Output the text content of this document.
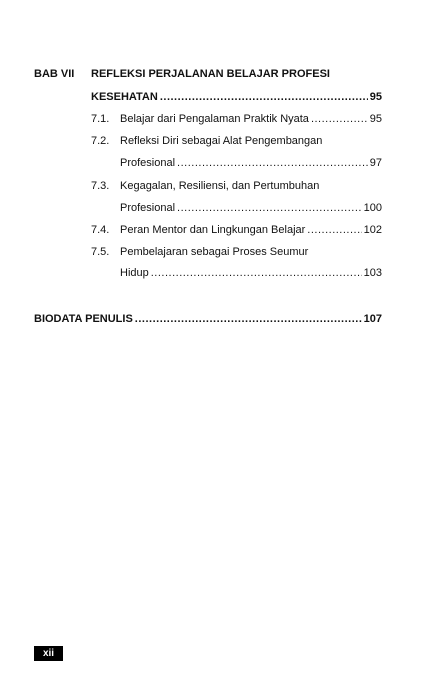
BAB VII REFLEKSI PERJALANAN BELAJAR PROFESI
KESEHATAN .....	95
7.1. Belajar dari Pengalaman Praktik Nyata .....	95
7.2. Refleksi Diri sebagai Alat Pengembangan
Profesional .....	97
7.3. Kegagalan, Resiliensi, dan Pertumbuhan
Profesional .....	100
7.4. Peran Mentor dan Lingkungan Belajar .....	102
7.5. Pembelajaran sebagai Proses Seumur
Hidup .....	103
BIODATA PENULIS .....	107
xii
